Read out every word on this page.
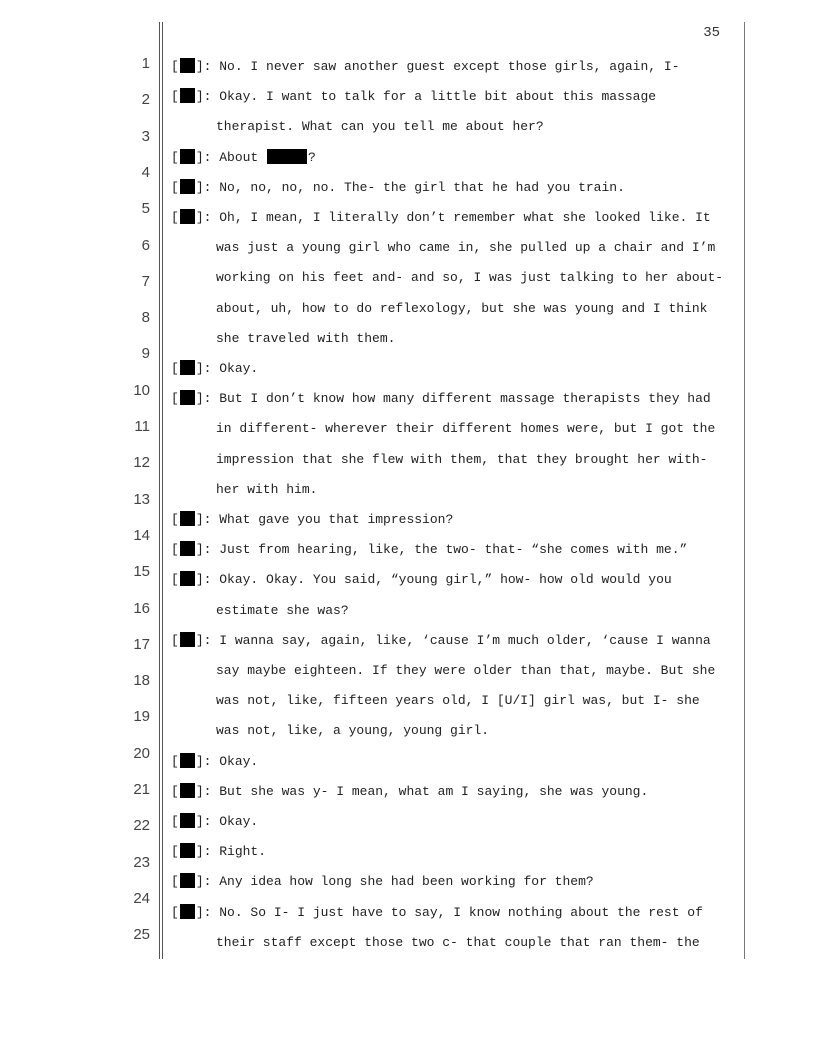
35
1
2
3
4
5
6
7
8
9
10
11
12
13
14
15
16
17
18
19
20
21
22
23
24
25
[ ]: No. I never saw another guest except those girls, again, I-
[ ]: Okay. I want to talk for a little bit about this massage
therapist. What can you tell me about her?
[ ]: About	?
[ ]: No, no, no, no. The- the girl that he had you train.
[ ]: Oh, I mean, I literally don’t remember what she looked like. It
was just a young girl who came in, she pulled up a chair and I’m
working on his feet and- and so, I was just talking to her about-
about, uh, how to do reflexology, but she was young and I think
she traveled with them.
[ ]: Okay.
[ ]: But I don’t know how many different massage therapists they had
in different- wherever their different homes were, but I got the
impression that she flew with them, that they brought her with-
her with him.
[ ]: What gave you that impression?
[ ]: Just from hearing, like, the two- that- “she comes with me.”
[ ]: Okay. Okay. You said, “young girl,” how- how old would you
estimate she was?
[ ]: I wanna say, again, like, ‘cause I’m much older, ‘cause I wanna
say maybe eighteen. If they were older than that, maybe. But she
was not, like, fifteen years old, I [U/I] girl was, but I- she
was not, like, a young, young girl.
[ ]: Okay.
[ ]: But she was y- I mean, what am I saying, she was young.
[ ]: Okay.
[ ]: Right.
[ ]: Any idea how long she had been working for them?
[ ]: No. So I- I just have to say, I know nothing about the rest of
their staff except those two c- that couple that ran them- the
